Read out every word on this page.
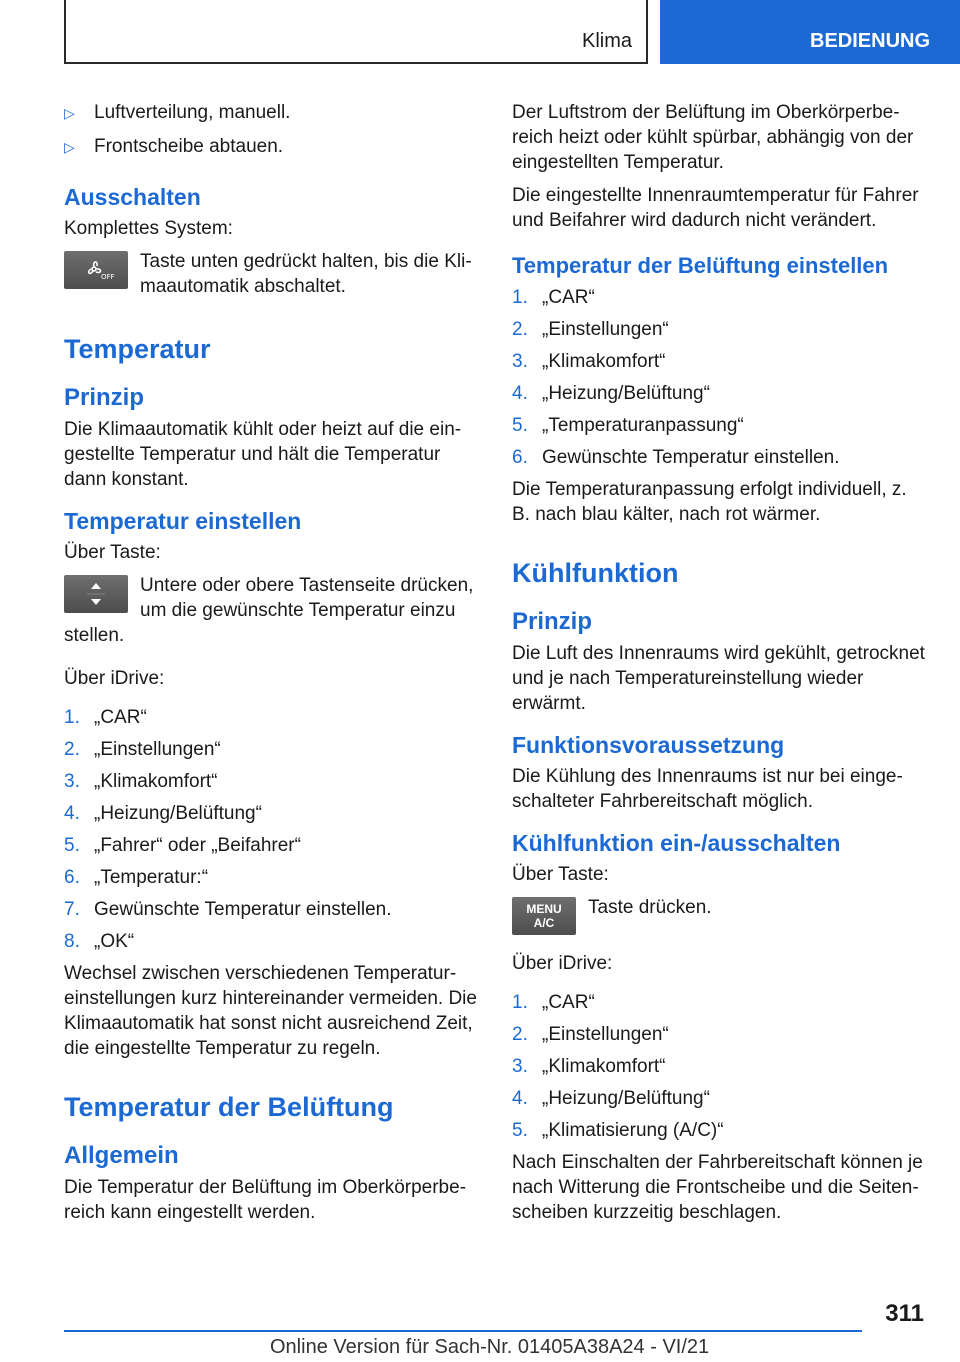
Klima	BEDIENUNG
▷	Luftverteilung, manuell.
▷	Frontscheibe abtauen.
Ausschalten

Komplettes System:

OFF

Taste unten gedrückt halten, bis die Klimaautomatik abschaltet.

Temperatur
Prinzip

Die Klimaautomatik kühlt oder heizt auf die eingestellte Temperatur und hält die Temperatur dann konstant.

Temperatur einstellen

Über Taste:

Untere oder obere Tastenseite drücken, um die gewünschte Temperatur einzu

stellen.

Über iDrive:

1. „CAR“
2. „Einstellungen“
3. „Klimakomfort“
4. „Heizung/Belüftung“
5. „Fahrer“ oder „Beifahrer“
6. „Temperatur:“
7. Gewünschte Temperatur einstellen.
8. „OK“

Wechsel zwischen verschiedenen Temperatureinstellungen kurz hintereinander vermeiden. Die Klimaautomatik hat sonst nicht ausreichend Zeit, die eingestellte Temperatur zu regeln.

Temperatur der Belüftung
Allgemein

Die Temperatur der Belüftung im Oberkörperbereich kann eingestellt werden.

Der Luftstrom der Belüftung im Oberkörperbereich heizt oder kühlt spürbar, abhängig von der eingestellten Temperatur.

Die eingestellte Innenraumtemperatur für Fahrer und Beifahrer wird dadurch nicht verändert.

Temperatur der Belüftung einstellen
1. „CAR“
2. „Einstellungen“
3. „Klimakomfort“
4. „Heizung/Belüftung“
5. „Temperaturanpassung“
6. Gewünschte Temperatur einstellen.

Die Temperaturanpassung erfolgt individuell, z. B. nach blau kälter, nach rot wärmer.

Kühlfunktion
Prinzip

Die Luft des Innenraums wird gekühlt, getrocknet und je nach Temperatureinstellung wieder erwärmt.

Funktionsvoraussetzung

Die Kühlung des Innenraums ist nur bei eingeschalteter Fahrbereitschaft möglich.

Kühlfunktion ein-/ausschalten

Über Taste:

MENU
A/C

Taste drücken.

Über iDrive:

1. „CAR“
2. „Einstellungen“
3. „Klimakomfort“
4. „Heizung/Belüftung“
5. „Klimatisierung (A/C)“

Nach Einschalten der Fahrbereitschaft können je nach Witterung die Frontscheibe und die Seitenscheiben kurzzeitig beschlagen.

311
Online Version für Sach-Nr. 01405A38A24 - VI/21
